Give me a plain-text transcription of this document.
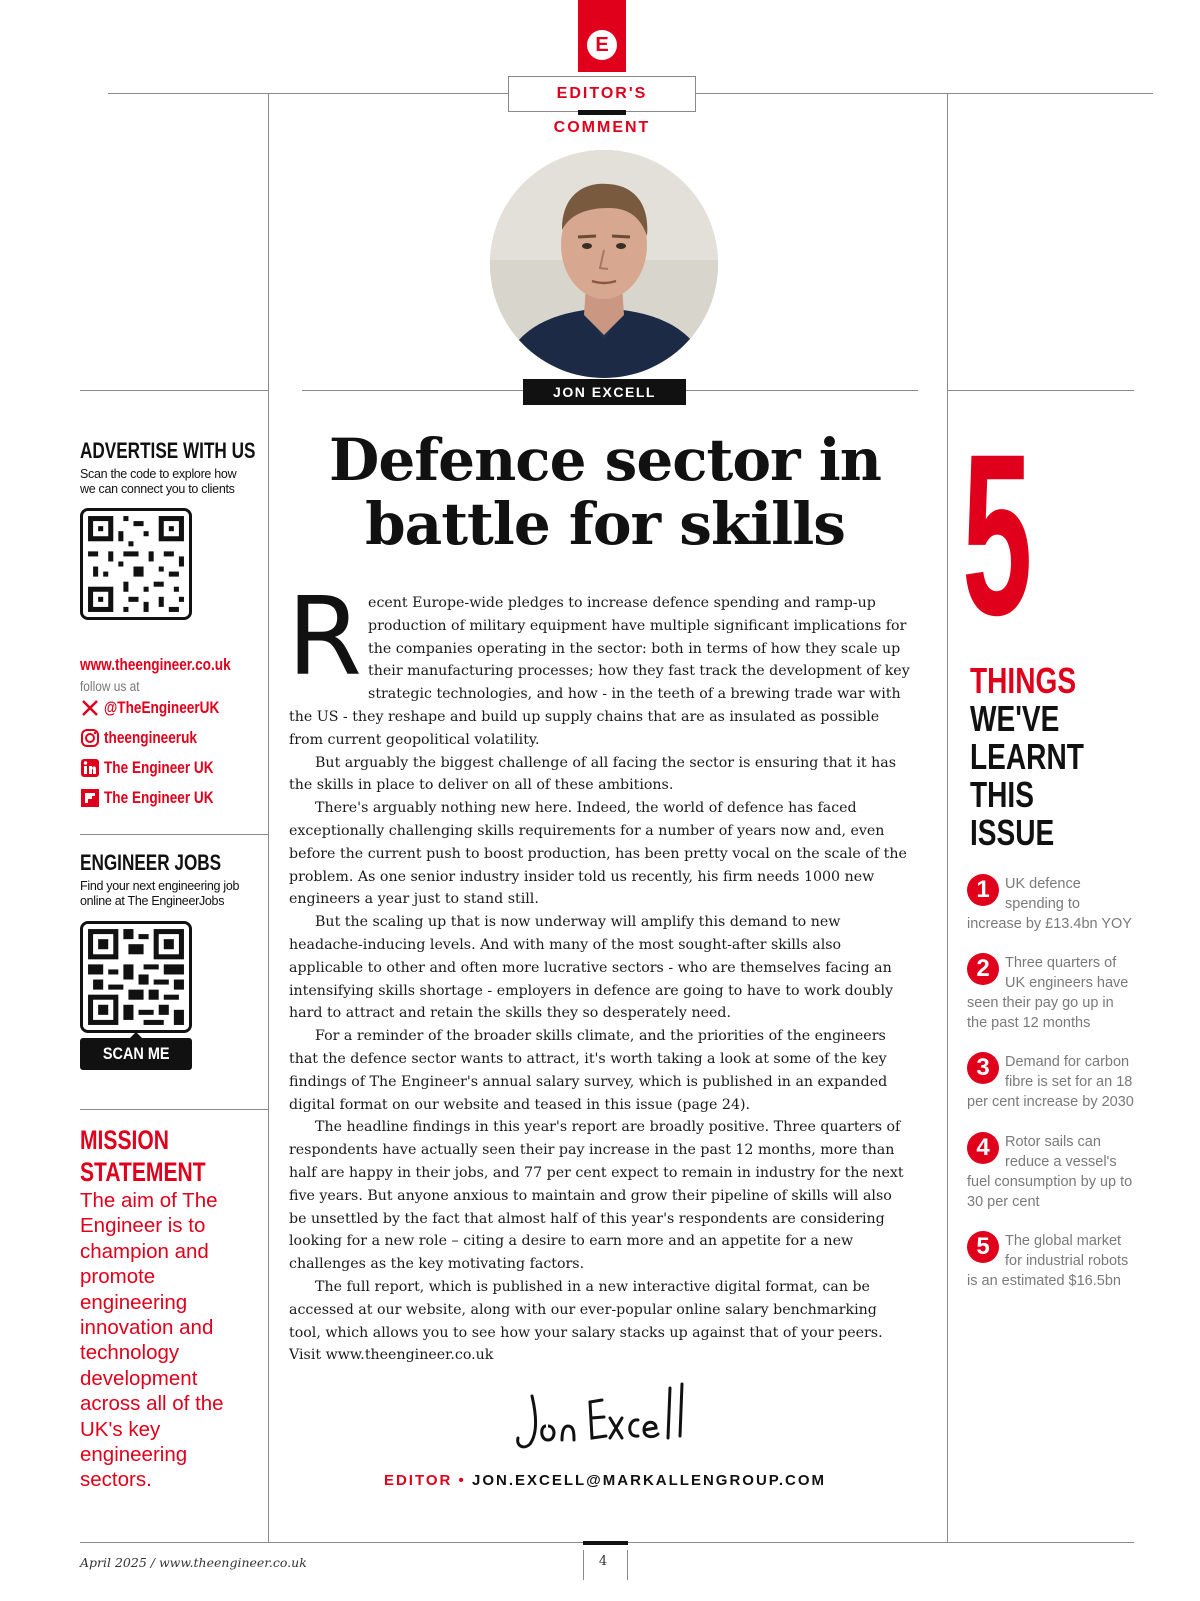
E
EDITOR'S COMMENT
JON EXCELL
Defence sector in battle for skills

Recent Europe-wide pledges to increase defence spending and ramp-up production of military equipment have multiple significant implications for the companies operating in the sector: both in terms of how they scale up their manufacturing processes; how they fast track the development of key strategic technologies, and how - in the teeth of a brewing trade war with the US - they reshape and build up supply chains that are as insulated as possible from current geopolitical volatility.

But arguably the biggest challenge of all facing the sector is ensuring that it has the skills in place to deliver on all of these ambitions.

There's arguably nothing new here. Indeed, the world of defence has faced exceptionally challenging skills requirements for a number of years now and, even before the current push to boost production, has been pretty vocal on the scale of the problem. As one senior industry insider told us recently, his firm needs 1000 new engineers a year just to stand still.

But the scaling up that is now underway will amplify this demand to new headache-inducing levels. And with many of the most sought-after skills also applicable to other and often more lucrative sectors - who are themselves facing an intensifying skills shortage - employers in defence are going to have to work doubly hard to attract and retain the skills they so desperately need.

For a reminder of the broader skills climate, and the priorities of the engineers that the defence sector wants to attract, it's worth taking a look at some of the key findings of The Engineer's annual salary survey, which is published in an expanded digital format on our website and teased in this issue (page 24).

The headline findings in this year's report are broadly positive. Three quarters of respondents have actually seen their pay increase in the past 12 months, more than half are happy in their jobs, and 77 per cent expect to remain in industry for the next five years. But anyone anxious to maintain and grow their pipeline of skills will also be unsettled by the fact that almost half of this year's respondents are considering looking for a new role – citing a desire to earn more and an appetite for a new challenges as the key motivating factors.

The full report, which is published in a new interactive digital format, can be accessed at our website, along with our ever-popular online salary benchmarking tool, which allows you to see how your salary stacks up against that of your peers. Visit www.theengineer.co.uk

EDITOR • JON.EXCELL@MARKALLENGROUP.COM
ADVERTISE WITH US
Scan the code to explore how
we can connect you to clients
www.theengineer.co.uk
follow us at
@TheEngineerUK
theengineeruk
The Engineer UK
The Engineer UK
ENGINEER JOBS
Find your next engineering job
online at The EngineerJobs
SCAN ME
MISSION
STATEMENT
The aim of The Engineer is to champion and promote engineering innovation and technology development across all of the UK's key engineering sectors.
5
THINGS
WE'VE
LEARNT
THIS
ISSUE
1	UK defence spending to increase by £13.4bn YOY
2	Three quarters of UK engineers have seen their pay go up in the past 12 months
3	Demand for carbon fibre is set for an 18 per cent increase by 2030
4	Rotor sails can reduce a vessel's fuel consumption by up to 30 per cent
5	The global market for industrial robots is an estimated $16.5bn
April 2025 / www.theengineer.co.uk	4
